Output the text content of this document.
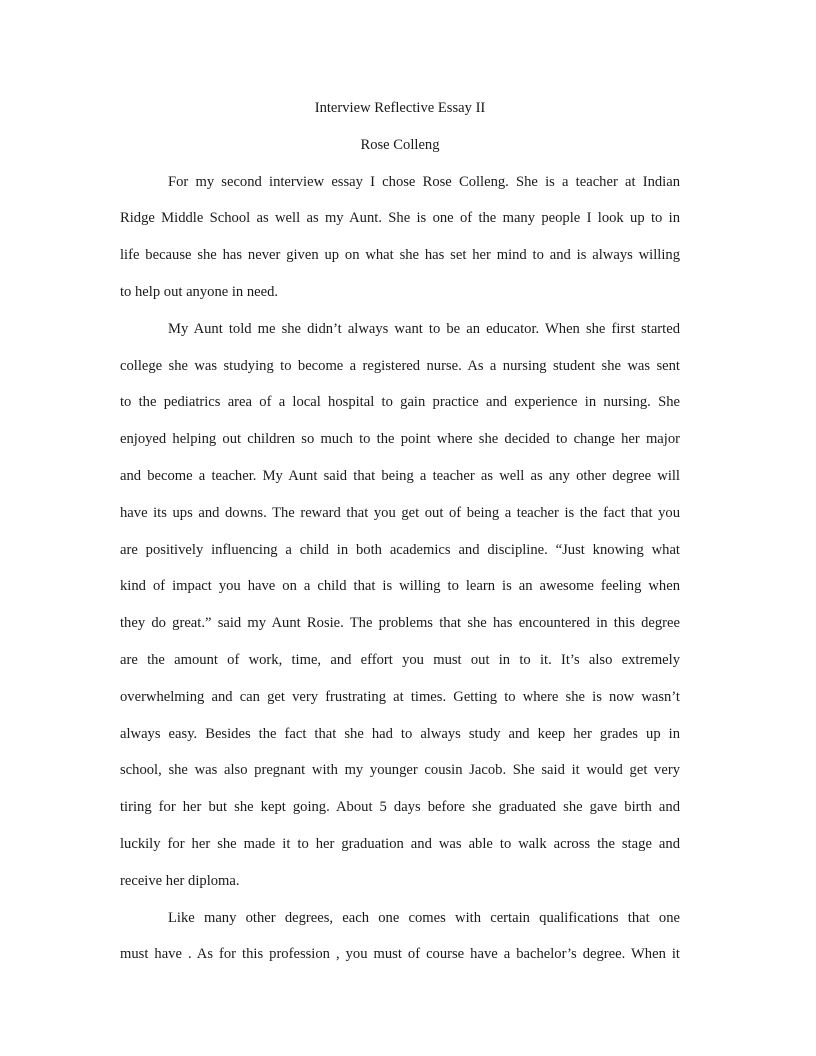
Interview Reflective Essay II

Rose Colleng

For my second interview essay I chose Rose Colleng. She is a teacher at Indian
Ridge Middle School as well as my Aunt. She is one of the many people I look up to in
life because she has never given up on what she has set her mind to and is always willing
to help out anyone in need.
My Aunt told me she didn’t always want to be an educator. When she first started
college she was studying to become a registered nurse. As a nursing student she was sent
to the pediatrics area of a local hospital to gain practice and experience in nursing. She
enjoyed helping out children so much to the point where she decided to change her major
and become a teacher. My Aunt said that being a teacher as well as any other degree will
have its ups and downs. The reward that you get out of being a teacher is the fact that you
are positively influencing a child in both academics and discipline. “Just knowing what
kind of impact you have on a child that is willing to learn is an awesome feeling when
they do great.” said my Aunt Rosie. The problems that she has encountered in this degree
are the amount of work, time, and effort you must out in to it. It’s also extremely
overwhelming and can get very frustrating at times. Getting to where she is now wasn’t
always easy. Besides the fact that she had to always study and keep her grades up in
school, she was also pregnant with my younger cousin Jacob. She said it would get very
tiring for her but she kept going. About 5 days before she graduated she gave birth and
luckily for her she made it to her graduation and was able to walk across the stage and
receive her diploma.
Like many other degrees, each one comes with certain qualifications that one
must have . As for this profession , you must of course have a bachelor’s degree. When it
